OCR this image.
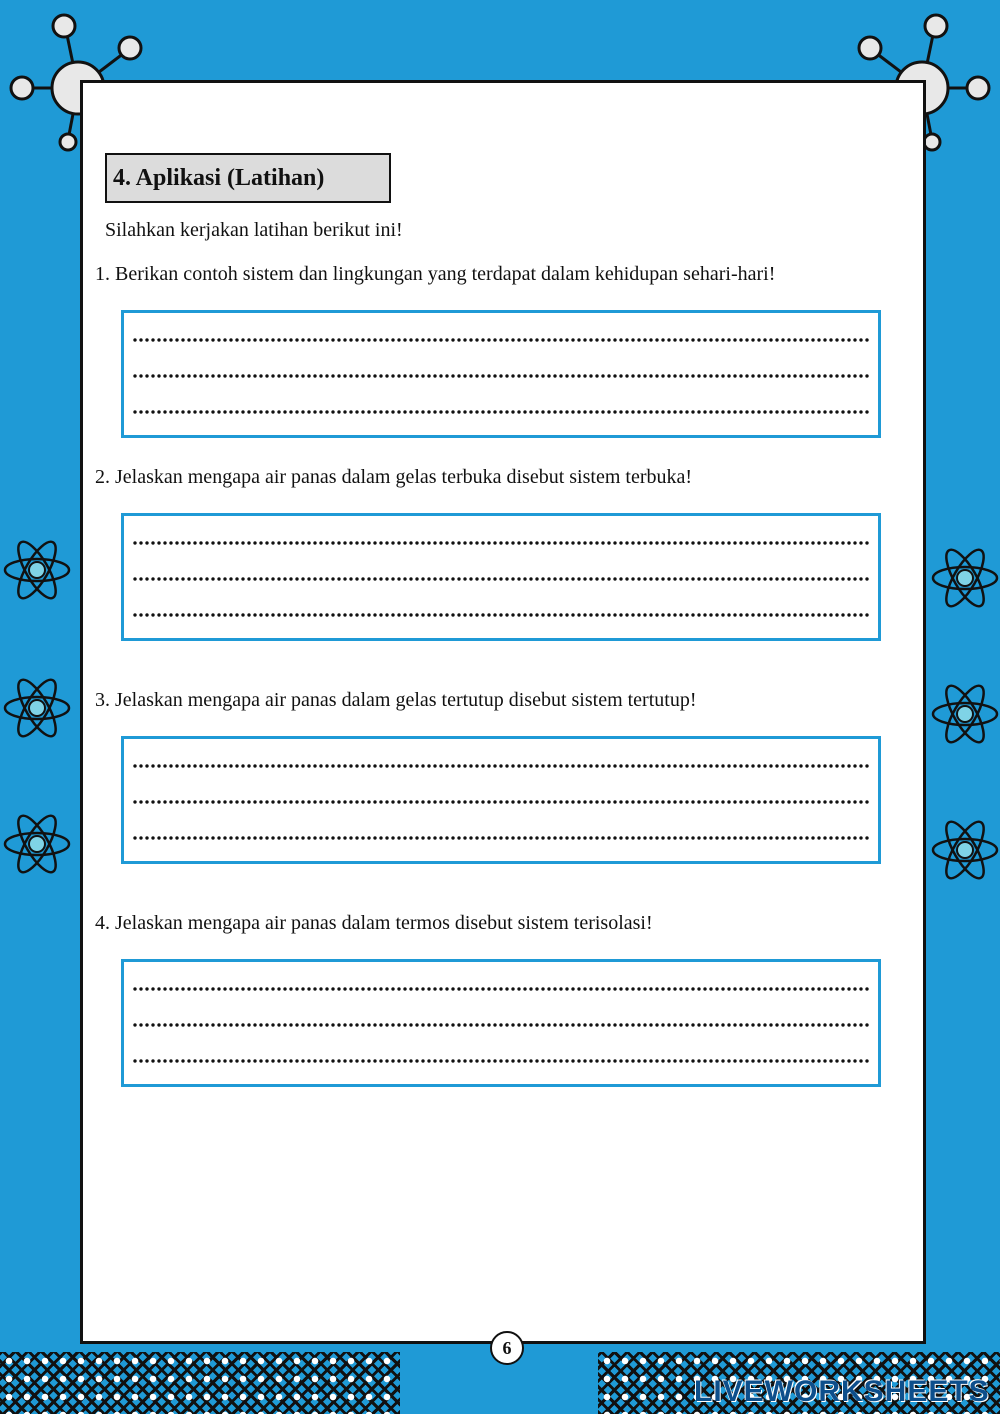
4. Aplikasi (Latihan)
Silahkan kerjakan latihan berikut ini!
1. Berikan contoh sistem dan lingkungan yang terdapat dalam kehidupan sehari-hari!
2. Jelaskan mengapa air panas dalam gelas terbuka disebut sistem terbuka!
3. Jelaskan mengapa air panas dalam gelas tertutup disebut sistem tertutup!
4. Jelaskan mengapa air panas dalam termos disebut sistem terisolasi!
6
LIVEWORKSHEETS
